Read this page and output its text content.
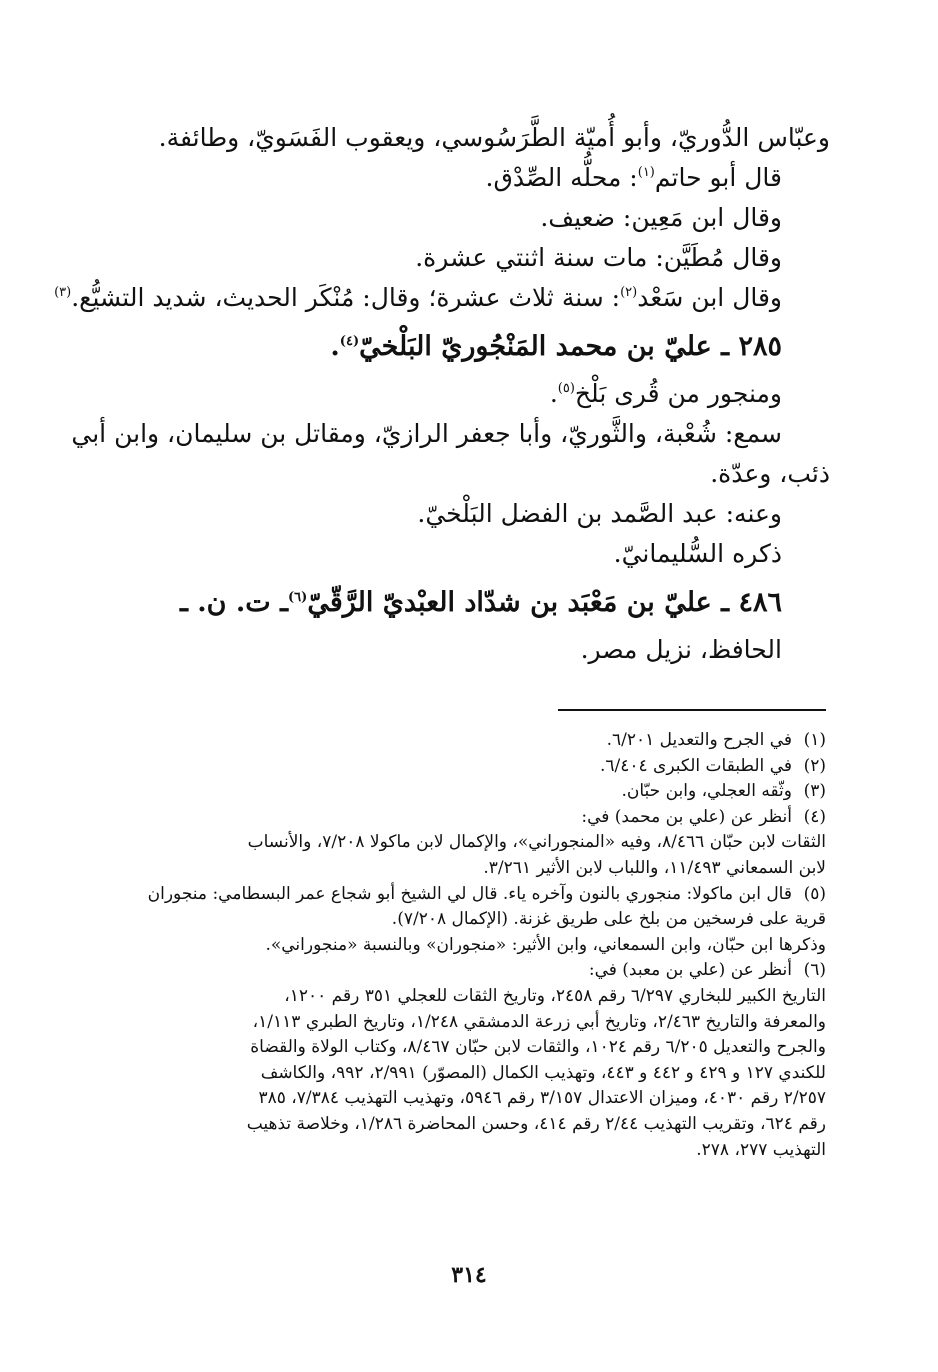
وعبّاس الدُّوريّ، وأبو أُميّة الطَّرَسُوسي، ويعقوب الفَسَويّ، وطائفة.
قال أبو حاتم$^{(١)}$: محلُّه الصِّدْق.
وقال ابن مَعِين: ضعيف.
وقال مُطَيَّن: مات سنة اثنتي عشرة.
وقال ابن سَعْد$^{(٢)}$: سنة ثلاث عشرة؛ وقال: مُنْكَر الحديث، شديد التشيُّع.$^{(٣)}$
٢٨٥ ـ عليّ بن محمد المَنْجُوريّ البَلْخيّ$^{(٤)}$.
ومنجور من قُرى بَلْخ$^{(٥)}$.
سمع: شُعْبة، والثَّوريّ، وأبا جعفر الرازيّ، ومقاتل بن سليمان، وابن أبي
ذئب، وعدّة.
وعنه: عبد الصَّمد بن الفضل البَلْخيّ.
ذكره السُّليمانيّ.
٤٨٦ ـ عليّ بن مَعْبَد بن شدّاد العبْديّ الرَّقّيّ$^{(٦)}$ـ ت. ن. ـ
الحافظ، نزيل مصر.
(١)في الجرح والتعديل ٦/٢٠١.
(٢)في الطبقات الكبرى ٦/٤٠٤.
(٣)وثّقه العجلي، وابن حبّان.
(٤)أنظر عن (علي بن محمد) في:
الثقات لابن حبّان ٨/٤٦٦، وفيه «المنجوراني»، والإكمال لابن ماكولا ٧/٢٠٨، والأنساب
لابن السمعاني ١١/٤٩٣، واللباب لابن الأثير ٣/٢٦١.
(٥)قال ابن ماكولا: منجوري بالنون وآخره ياء. قال لي الشيخ أبو شجاع عمر البسطامي: منجوران
قرية على فرسخين من بلخ على طريق غزنة. (الإكمال ٧/٢٠٨).
وذكرها ابن حبّان، وابن السمعاني، وابن الأثير: «منجوران» وبالنسبة «منجوراني».
(٦)أنظر عن (علي بن معبد) في:
التاريخ الكبير للبخاري ٦/٢٩٧ رقم ٢٤٥٨، وتاريخ الثقات للعجلي ٣٥١ رقم ١٢٠٠،
والمعرفة والتاريخ ٢/٤٦٣، وتاريخ أبي زرعة الدمشقي ١/٢٤٨، وتاريخ الطبري ١/١١٣،
والجرح والتعديل ٦/٢٠٥ رقم ١٠٢٤، والثقات لابن حبّان ٨/٤٦٧، وكتاب الولاة والقضاة
للكندي ١٢٧ و ٤٢٩ و ٤٤٢ و ٤٤٣، وتهذيب الكمال (المصوّر) ٢/٩٩١، ٩٩٢، والكاشف
٢/٢٥٧ رقم ٤٠٣٠، وميزان الاعتدال ٣/١٥٧ رقم ٥٩٤٦، وتهذيب التهذيب ٧/٣٨٤، ٣٨٥
رقم ٦٢٤، وتقريب التهذيب ٢/٤٤ رقم ٤١٤، وحسن المحاضرة ١/٢٨٦، وخلاصة تذهيب
التهذيب ٢٧٧، ٢٧٨.
٣١٤
